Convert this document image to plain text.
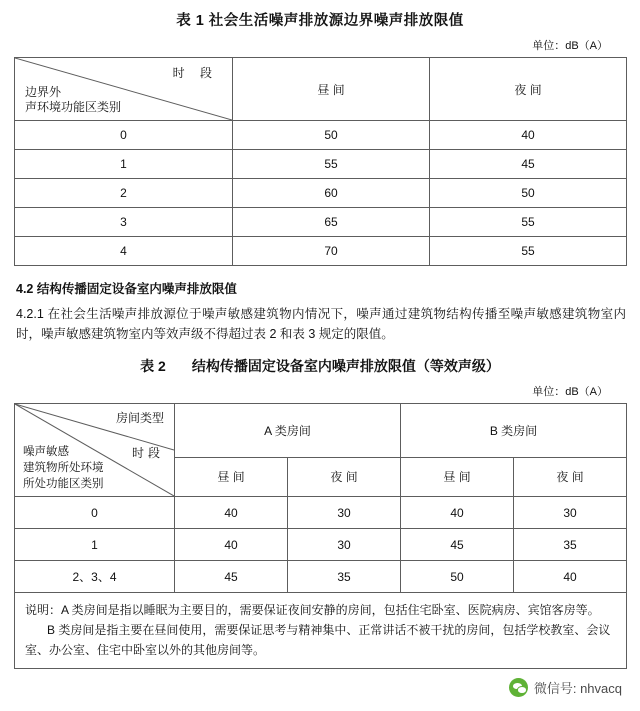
表 1 社会生活噪声排放源边界噪声排放限值
单位：dB（A）
时 段
边界外
声环境功能区类别	昼 间	夜 间
0	50	40
1	55	45
2	60	50
3	65	55
4	70	55
4.2 结构传播固定设备室内噪声排放限值
4.2.1 在社会生活噪声排放源位于噪声敏感建筑物内情况下，噪声通过建筑物结构传播至噪声敏感建筑物室内时，噪声敏感建筑物室内等效声级不得超过表 2 和表 3 规定的限值。
表 2 结构传播固定设备室内噪声排放限值（等效声级）
单位：dB（A）
房间类型
时段
噪声敏感
建筑物所处环境
所处功能区类别	A 类房间		B 类房间	
	昼 间	夜 间	昼 间	夜 间
0	40	30	40	30
1	40	30	45	35
2、3、4	45	35	50	40

说明：A 类房间是指以睡眠为主要目的，需要保证夜间安静的房间，包括住宅卧室、医院病房、宾馆客房等。

B 类房间是指主要在昼间使用，需要保证思考与精神集中、正常讲话不被干扰的房间，包括学校教室、会议室、办公室、住宅中卧室以外的其他房间等。				

微信号: nhvacq
